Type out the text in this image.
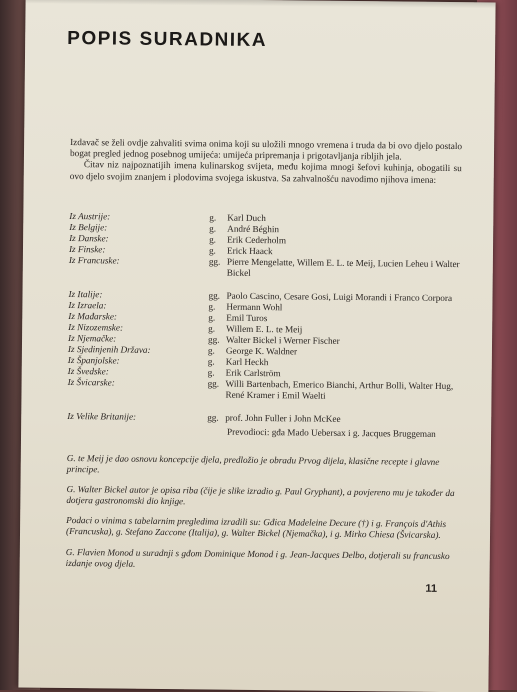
POPIS SURADNIKA

Izdavač se želi ovdje zahvaliti svima onima koji su uložili mnogo vremena i truda da bi ovo djelo postalo bogat pregled jednog posebnog umijeća: umijeća pripremanja i prigotavljanja ribljih jela.

Čitav niz najpoznatijih imena kulinarskog svijeta, među kojima mnogi šefovi kuhinja, obogatili su ovo djelo svojim znanjem i plodovima svojega iskustva. Sa zahvalnošću navodimo njihova imena:

Iz Austrije:	g.	Karl Duch
Iz Belgije:	g.	André Béghin
Iz Danske:	g.	Erik Cederholm
Iz Finske:	g.	Erick Haack
Iz Francuske:	gg. Pierre Mengelatte, Willem E. L. te Meij, Lucien Leheu i Walter Bickel
Iz Italije:	gg. Paolo Cascino, Cesare Gosi, Luigi Morandi i Franco Corpora
Iz Izraela:	g.	Hermann Wohl
Iz Mađarske:	g.	Emil Turos
Iz Nizozemske:	g.	Willem E. L. te Meij
Iz Njemačke:	gg. Walter Bickel i Werner Fischer
Iz Sjedinjenih Država:	g.	George K. Waldner
Iz Španjolske:	g.	Karl Heckh
Iz Švedske:	g.	Erik Carlström
Iz Švicarske:	gg. Willi Bartenbach, Emerico Bianchi, Arthur Bolli, Walter Hug, René Kramer i Emil Waelti
Iz Velike Britanije:	gg. prof. John Fuller i John McKee
Prevodioci: gđa Mado Uebersax i g. Jacques Bruggeman

G. te Meij je dao osnovu koncepcije djela, predložio je obradu Prvog dijela, klasične recepte i glavne principe.

G. Walter Bickel autor je opisa riba (čije je slike izradio g. Paul Gryphant), a povjereno mu je također da dotjera gastronomski dio knjige.

Podaci o vinima s tabelarnim pregledima izradili su: Gđica Madeleine Decure (†) i g. François d'Athis (Francuska), g. Stefano Zaccone (Italija), g. Walter Bickel (Njemačka), i g. Mirko Chiesa (Švicarska).

G. Flavien Monod u suradnji s gđom Dominique Monod i g. Jean-Jacques Delbo, dotjerali su francusko izdanje ovog djela.

11
